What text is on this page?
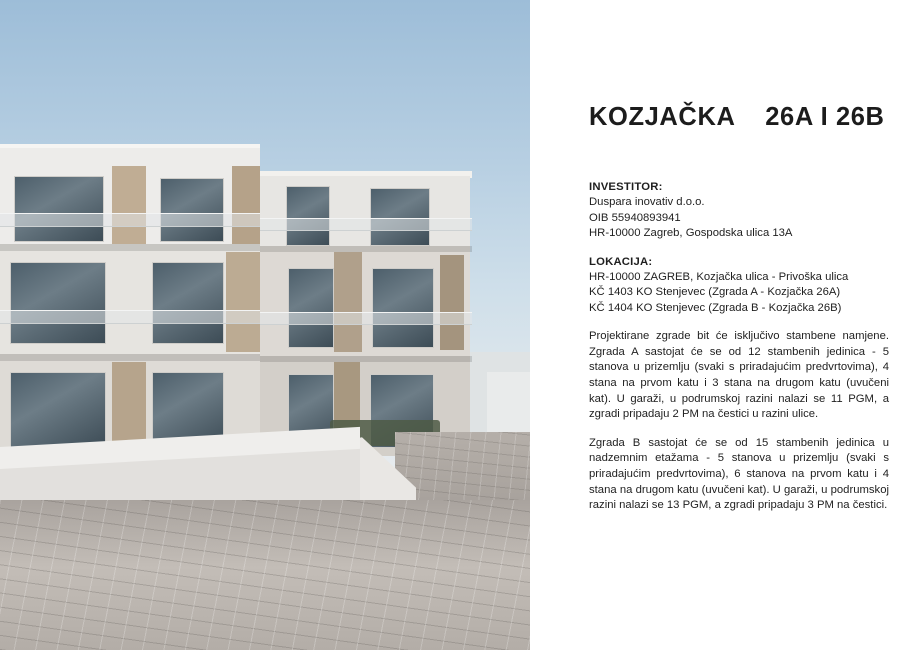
KOZJAČKA    26A I 26B
INVESTITOR:
Duspara inovativ d.o.o.
OIB 55940893941
HR-10000 Zagreb, Gospodska ulica 13A
LOKACIJA:
HR-10000 ZAGREB, Kozjačka ulica - Privoška ulica
KČ 1403 KO Stenjevec (Zgrada A - Kozjačka 26A)
KČ 1404 KO Stenjevec (Zgrada B - Kozjačka 26B)
Projektirane zgrade bit će isključivo stambene namjene. Zgrada A sastojat će se od 12 stambenih jedinica - 5 stanova u prizemlju (svaki s priradajućim predvrtovima), 4 stana na prvom katu i 3 stana na drugom katu (uvučeni kat). U garaži, u podrumskoj razini nalazi se 11 PGM, a zgradi pripadaju 2 PM na čestici u razini ulice.
Zgrada B sastojat će se od 15 stambenih jedinica u nadzemnim etažama - 5 stanova u prizemlju (svaki s priradajućim predvrtovima), 6 stanova na prvom katu i 4 stana na drugom katu (uvučeni kat). U garaži, u podrumskoj razini nalazi se 13 PGM, a zgradi pripadaju 3 PM na čestici.
